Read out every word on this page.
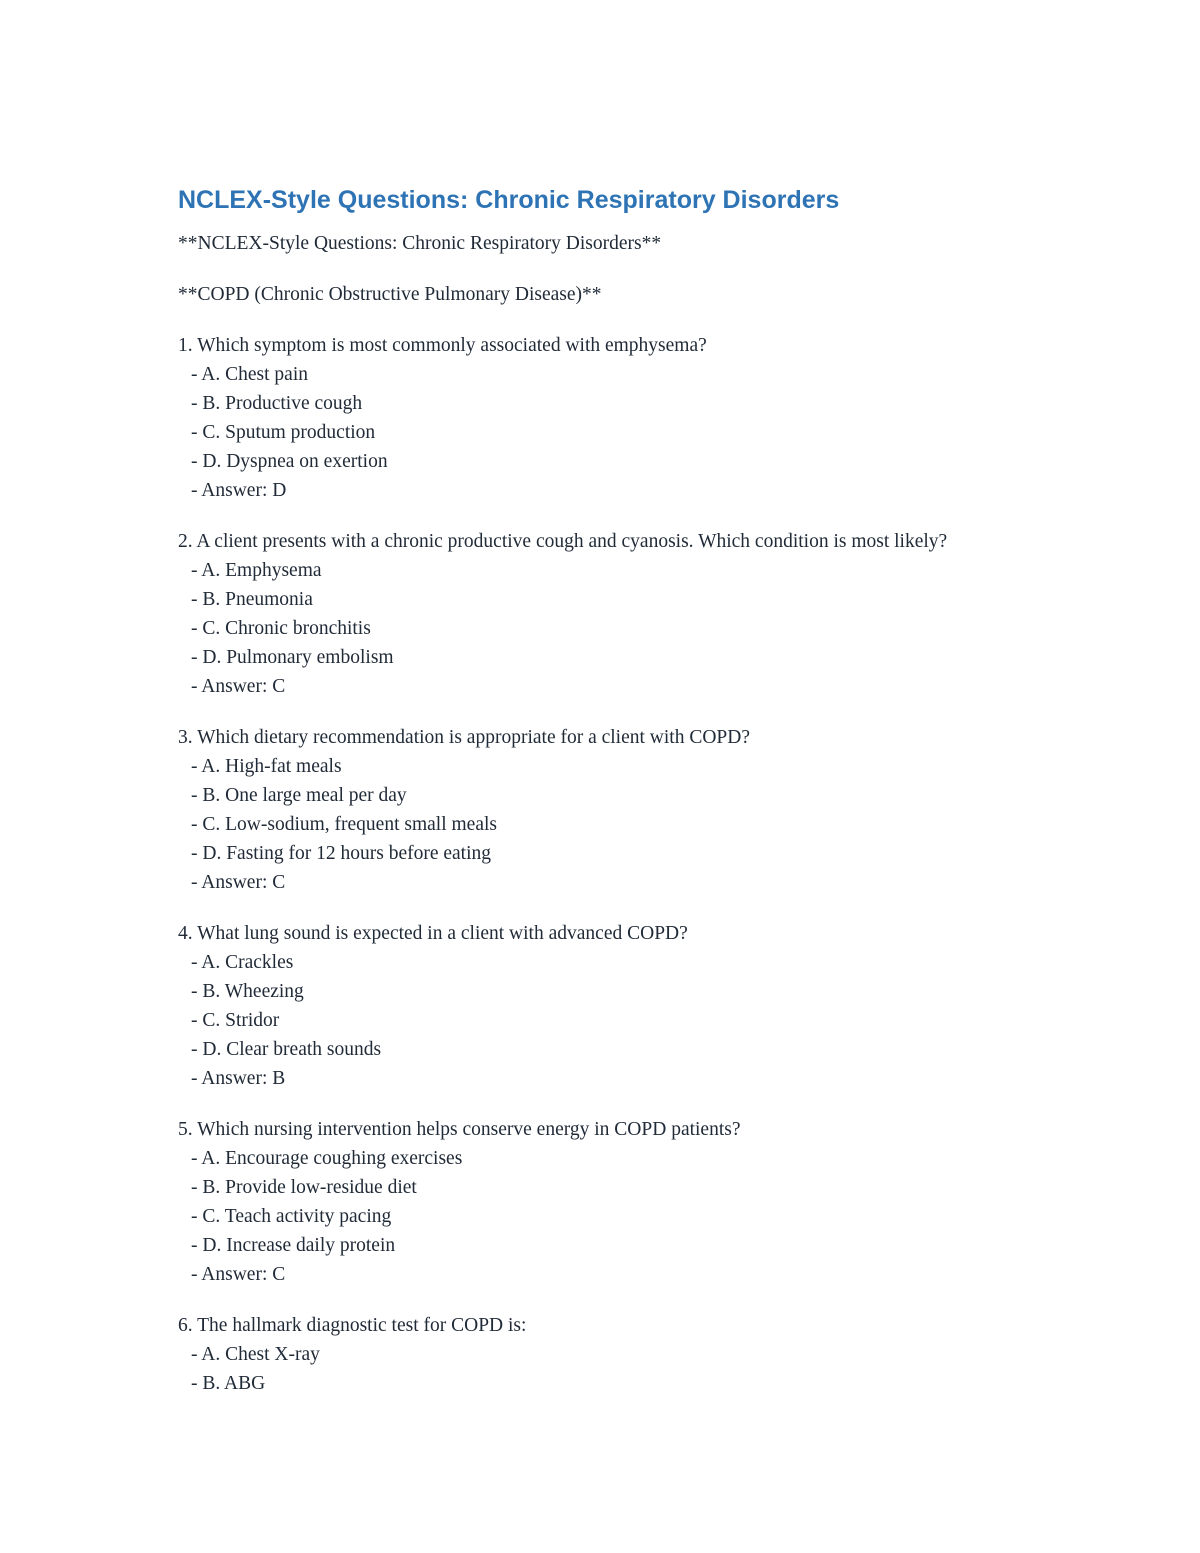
NCLEX-Style Questions: Chronic Respiratory Disorders

**NCLEX-Style Questions: Chronic Respiratory Disorders**

**COPD (Chronic Obstructive Pulmonary Disease)**

1. Which symptom is most commonly associated with emphysema?

- A. Chest pain

- B. Productive cough

- C. Sputum production

- D. Dyspnea on exertion

- Answer: D

2. A client presents with a chronic productive cough and cyanosis. Which condition is most likely?

- A. Emphysema

- B. Pneumonia

- C. Chronic bronchitis

- D. Pulmonary embolism

- Answer: C

3. Which dietary recommendation is appropriate for a client with COPD?

- A. High-fat meals

- B. One large meal per day

- C. Low-sodium, frequent small meals

- D. Fasting for 12 hours before eating

- Answer: C

4. What lung sound is expected in a client with advanced COPD?

- A. Crackles

- B. Wheezing

- C. Stridor

- D. Clear breath sounds

- Answer: B

5. Which nursing intervention helps conserve energy in COPD patients?

- A. Encourage coughing exercises

- B. Provide low-residue diet

- C. Teach activity pacing

- D. Increase daily protein

- Answer: C

6. The hallmark diagnostic test for COPD is:

- A. Chest X-ray

- B. ABG
